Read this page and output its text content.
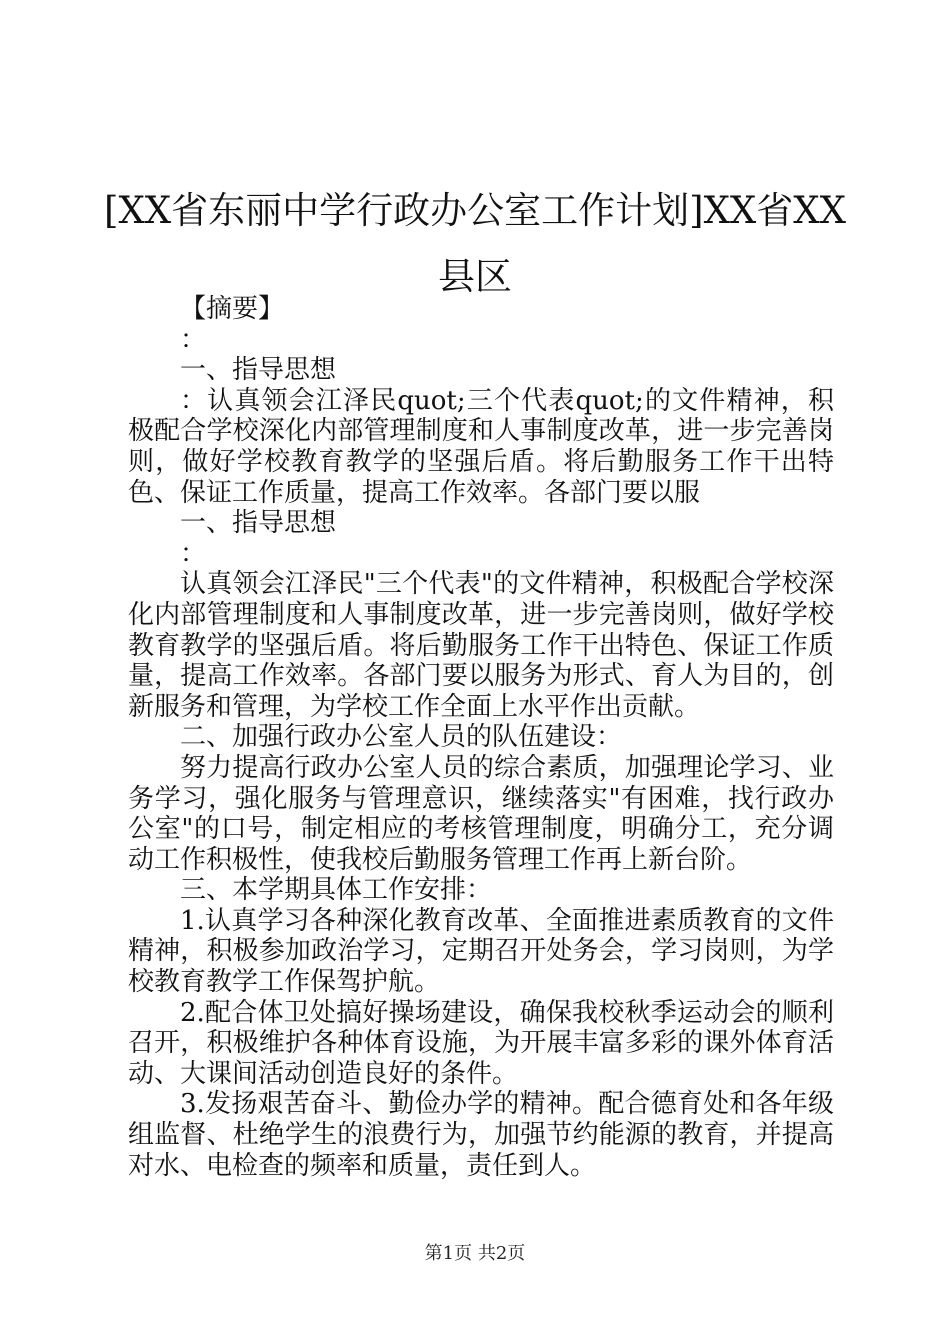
[XX省东丽中学行政办公室工作计划]XX省XX
县区

【摘要】

：

一、指导思想

：认真领会江泽民quot;三个代表quot;的文件精神，积极配合学校深化内部管理制度和人事制度改革，进一步完善岗则，做好学校教育教学的坚强后盾。将后勤服务工作干出特色、保证工作质量，提高工作效率。各部门要以服

一、指导思想

：

认真领会江泽民"三个代表"的文件精神，积极配合学校深化内部管理制度和人事制度改革，进一步完善岗则，做好学校教育教学的坚强后盾。将后勤服务工作干出特色、保证工作质量，提高工作效率。各部门要以服务为形式、育人为目的，创新服务和管理，为学校工作全面上水平作出贡献。

二、加强行政办公室人员的队伍建设：

努力提高行政办公室人员的综合素质，加强理论学习、业务学习，强化服务与管理意识，继续落实"有困难，找行政办公室"的口号，制定相应的考核管理制度，明确分工，充分调动工作积极性，使我校后勤服务管理工作再上新台阶。

三、本学期具体工作安排：

1.认真学习各种深化教育改革、全面推进素质教育的文件精神，积极参加政治学习，定期召开处务会，学习岗则，为学校教育教学工作保驾护航。

2.配合体卫处搞好操场建设，确保我校秋季运动会的顺利召开，积极维护各种体育设施，为开展丰富多彩的课外体育活动、大课间活动创造良好的条件。

3.发扬艰苦奋斗、勤俭办学的精神。配合德育处和各年级组监督、杜绝学生的浪费行为，加强节约能源的教育，并提高对水、电检查的频率和质量，责任到人。

第1页 共2页
